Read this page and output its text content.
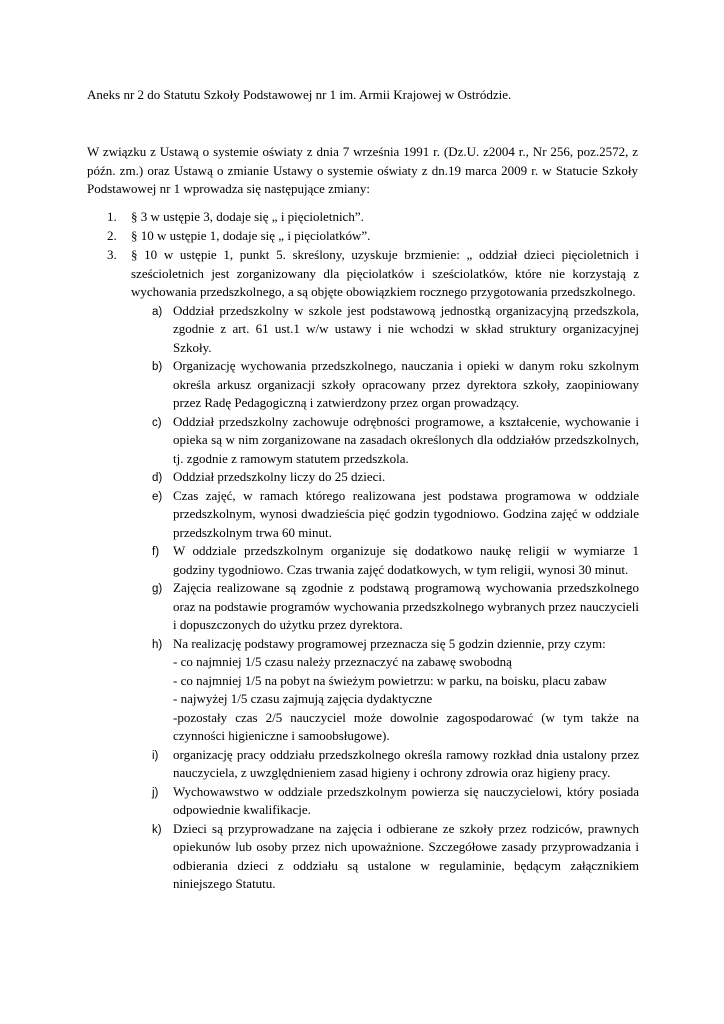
Aneks nr 2 do Statutu Szkoły Podstawowej nr 1 im. Armii Krajowej w Ostródzie.

W związku z Ustawą o systemie oświaty z dnia 7 września 1991 r. (Dz.U. z2004 r., Nr 256, poz.2572, z późn. zm.) oraz Ustawą o zmianie Ustawy o systemie oświaty z dn.19 marca 2009 r. w Statucie Szkoły Podstawowej nr 1 wprowadza się następujące zmiany:

1. § 3 w ustępie 3, dodaje się „ i pięcioletnich”.
2. § 10 w ustępie 1, dodaje się „ i pięciolatków”.
3. § 10 w ustępie 1, punkt 5. skreślony, uzyskuje brzmienie: „ oddział dzieci pięcioletnich i sześcioletnich jest zorganizowany dla pięciolatków i sześciolatków, które nie korzystają z wychowania przedszkolnego, a są objęte obowiązkiem rocznego przygotowania przedszkolnego.
a) Oddział przedszkolny w szkole jest podstawową jednostką organizacyjną przedszkola, zgodnie z art. 61 ust.1 w/w ustawy i nie wchodzi w skład struktury organizacyjnej Szkoły.
b) Organizację wychowania przedszkolnego, nauczania i opieki w danym roku szkolnym określa arkusz organizacji szkoły opracowany przez dyrektora szkoły, zaopiniowany przez Radę Pedagogiczną i zatwierdzony przez organ prowadzący.
c) Oddział przedszkolny zachowuje odrębności programowe, a kształcenie, wychowanie i opieka są w nim zorganizowane na zasadach określonych dla oddziałów przedszkolnych, tj. zgodnie z ramowym statutem przedszkola.
d) Oddział przedszkolny liczy do 25 dzieci.
e) Czas zajęć, w ramach którego realizowana jest podstawa programowa w oddziale przedszkolnym, wynosi dwadzieścia pięć godzin tygodniowo. Godzina zajęć w oddziale przedszkolnym trwa 60 minut.
f) W oddziale przedszkolnym organizuje się dodatkowo naukę religii w wymiarze 1 godziny tygodniowo. Czas trwania zajęć dodatkowych, w tym religii, wynosi 30 minut.
g) Zajęcia realizowane są zgodnie z podstawą programową wychowania przedszkolnego oraz na podstawie programów wychowania przedszkolnego wybranych przez nauczycieli i dopuszczonych do użytku przez dyrektora.
h) Na realizację podstawy programowej przeznacza się 5 godzin dziennie, przy czym:
- co najmniej 1/5 czasu należy przeznaczyć na zabawę swobodną
- co najmniej 1/5 na pobyt na świeżym powietrzu: w parku, na boisku, placu zabaw
- najwyżej 1/5 czasu zajmują zajęcia dydaktyczne
-pozostały czas 2/5 nauczyciel może dowolnie zagospodarować (w tym także na czynności higieniczne i samoobsługowe).
i) organizację pracy oddziału przedszkolnego określa ramowy rozkład dnia ustalony przez nauczyciela, z uwzględnieniem zasad higieny i ochrony zdrowia oraz higieny pracy.
j) Wychowawstwo w oddziale przedszkolnym powierza się nauczycielowi, który posiada odpowiednie kwalifikacje.
k) Dzieci są przyprowadzane na zajęcia i odbierane ze szkoły przez rodziców, prawnych opiekunów lub osoby przez nich upoważnione. Szczegółowe zasady przyprowadzania i odbierania dzieci z oddziału są ustalone w regulaminie, będącym załącznikiem niniejszego Statutu.
